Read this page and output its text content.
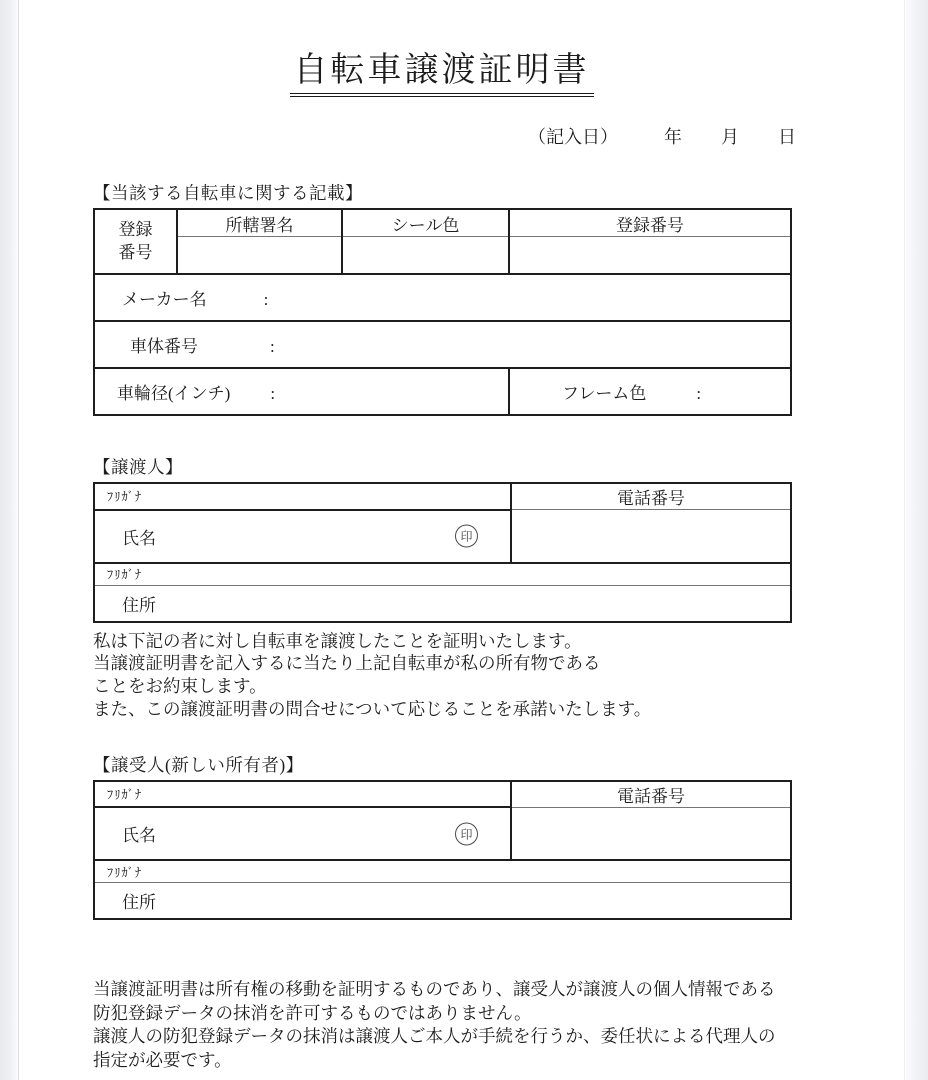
自転車譲渡証明書
（記入日）	年 月 日
【当該する自転車に関する記載】
登録
番号	所轄署名	シール色	登録番号

メーカー名 :			
車体番号 :			
車輪径(インチ) :			フレーム色 :
【譲渡人】
ﾌﾘｶﾞﾅ	電話番号
氏名 印	

ﾌﾘｶﾞﾅ	
住所	
私は下記の者に対し自転車を譲渡したことを証明いたします。
当譲渡証明書を記入するに当たり上記自転車が私の所有物である
ことをお約束します。
また、この譲渡証明書の問合せについて応じることを承諾いたします。
【譲受人(新しい所有者)】
ﾌﾘｶﾞﾅ	電話番号
氏名 印	

ﾌﾘｶﾞﾅ	
住所	
当譲渡証明書は所有権の移動を証明するものであり、譲受人が譲渡人の個人情報である
防犯登録データの抹消を許可するものではありません。
譲渡人の防犯登録データの抹消は譲渡人ご本人が手続を行うか、委任状による代理人の
指定が必要です。
